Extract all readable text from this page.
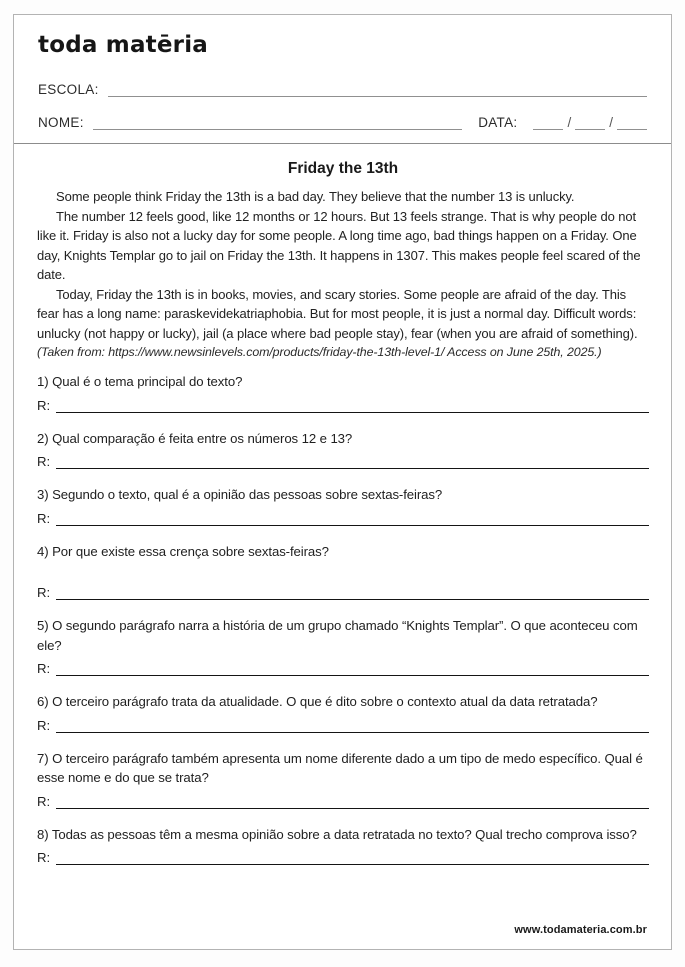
toda matēria
ESCOLA:
NOME:	DATA:	/	/
Friday the 13th

Some people think Friday the 13th is a bad day. They believe that the number 13 is unlucky.

The number 12 feels good, like 12 months or 12 hours. But 13 feels strange. That is why people do not like it. Friday is also not a lucky day for some people. A long time ago, bad things happen on a Friday. One day, Knights Templar go to jail on Friday the 13th. It happens in 1307. This makes people feel scared of the date.

Today, Friday the 13th is in books, movies, and scary stories. Some people are afraid of the day. This fear has a long name: paraskevidekatriaphobia. But for most people, it is just a normal day. Difficult words: unlucky (not happy or lucky), jail (a place where bad people stay), fear (when you are afraid of something).

(Taken from: https://www.newsinlevels.com/products/friday-the-13th-level-1/ Access on June 25th, 2025.)

1) Qual é o tema principal do texto?

R:

2) Qual comparação é feita entre os números 12 e 13?

R:

3) Segundo o texto, qual é a opinião das pessoas sobre sextas-feiras?

R:

4) Por que existe essa crença sobre sextas-feiras?

R:

5) O segundo parágrafo narra a história de um grupo chamado “Knights Templar”. O que aconteceu com ele?

R:

6) O terceiro parágrafo trata da atualidade. O que é dito sobre o contexto atual da data retratada?

R:

7) O terceiro parágrafo também apresenta um nome diferente dado a um tipo de medo específico. Qual é esse nome e do que se trata?

R:

8) Todas as pessoas têm a mesma opinião sobre a data retratada no texto? Qual trecho comprova isso?

R:
www.todamateria.com.br
